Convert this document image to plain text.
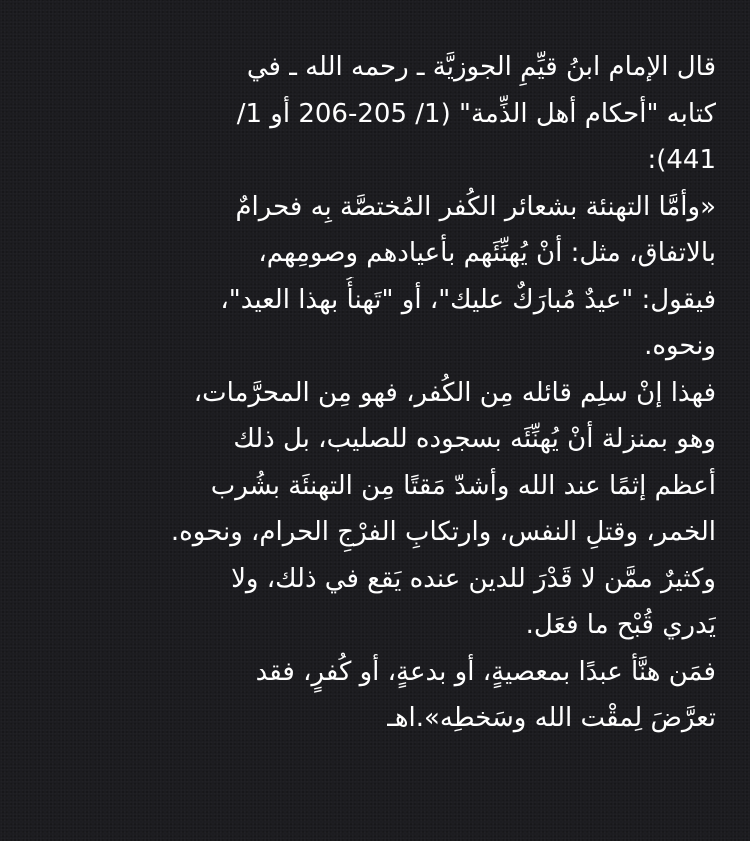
قال الإمام ابنُ قيِّمِ الجوزيَّة ـ رحمه الله ـ في
كتابه "أحكام أهل الذِّمة" (1/ 205-206 أو 1/
441):
«وأمَّا التهنئة بشعائر الكُفر المُختصَّة بِه فحرامٌ
بالاتفاق، مثل: أنْ يُهنِّئَهم بأعيادهم وصومِهم،
فيقول: "عيدٌ مُبارَكٌ عليك"، أو "تَهنأُ بهذا العيد"،
ونحوه.
فهذا إنْ سلِم قائله مِن الكُفر، فهو مِن المحرَّمات،
وهو بمنزلة أنْ يُهنِّئَه بسجوده للصليب، بل ذلك
أعظم إثمًا عند الله وأشدّ مَقتًا مِن التهنئَة بشُرب
الخمر، وقتلِ النفس، وارتكابِ الفرْجِ الحرام، ونحوه.
وكثيرٌ ممَّن لا قَدْرَ للدين عنده يَقع في ذلك، ولا
يَدري قُبْح ما فعَل.
فمَن هنَّأ عبدًا بمعصيةٍ، أو بدعةٍ، أو كُفرٍ، فقد
تعرَّضَ لِمقْت الله وسَخطِه».اهـ
